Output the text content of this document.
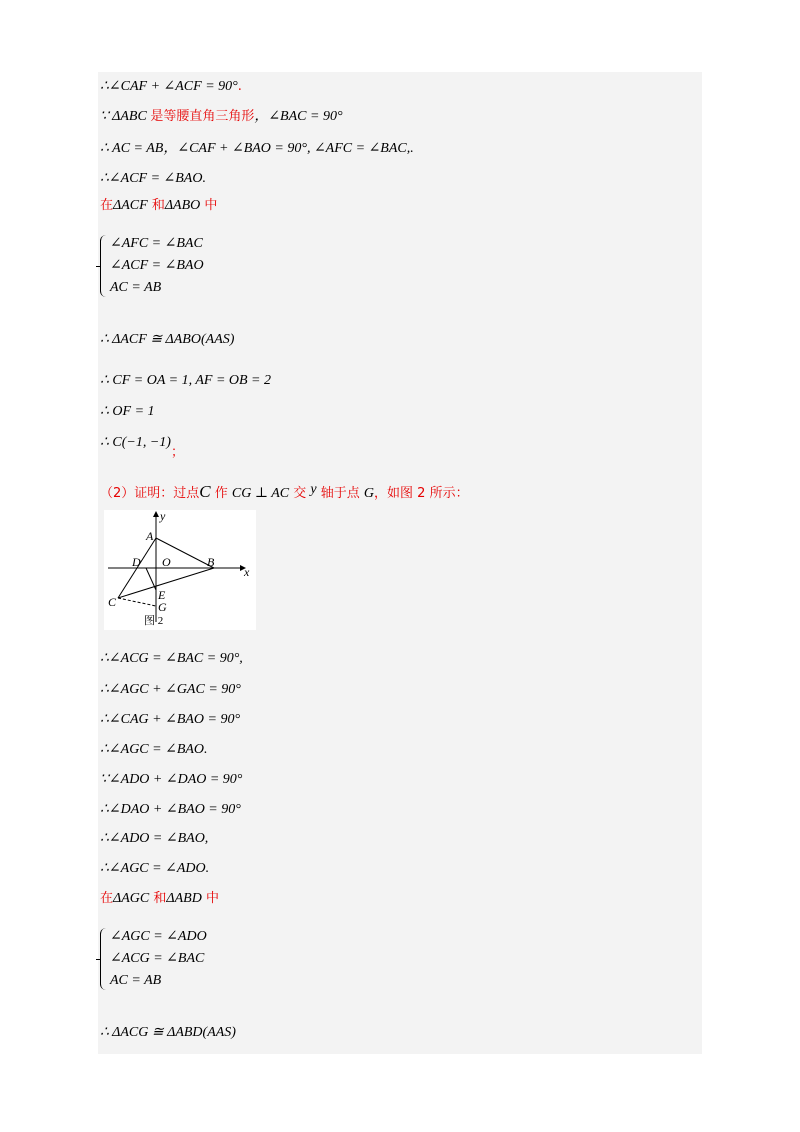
∴∠CAF + ∠ACF = 90°.
∵ ΔABC 是等腰直角三角形，∠BAC = 90°
∴ AC = AB，∠CAF + ∠BAO = 90°, ∠AFC = ∠BAC,.
∴∠ACF = ∠BAO.
在ΔACF 和ΔABO 中
∠AFC = ∠BAC
∠ACF = ∠BAO
AC = AB
∴ ΔACF ≅ ΔABO(AAS)
∴ CF = OA = 1, AF = OB = 2
∴ OF = 1
∴ C(−1, −1)；
（2）证明：过点C 作 CG ⊥ AC 交 y 轴于点 G，如图 2 所示：
y
x
A
D O	B
C	E
G
图 2
∴∠ACG = ∠BAC = 90°,
∴∠AGC + ∠GAC = 90°
∴∠CAG + ∠BAO = 90°
∴∠AGC = ∠BAO.
∵∠ADO + ∠DAO = 90°
∴∠DAO + ∠BAO = 90°
∴∠ADO = ∠BAO,
∴∠AGC = ∠ADO.
在ΔAGC 和ΔABD 中
∠AGC = ∠ADO
∠ACG = ∠BAC
AC = AB
∴ ΔACG ≅ ΔABD(AAS)
